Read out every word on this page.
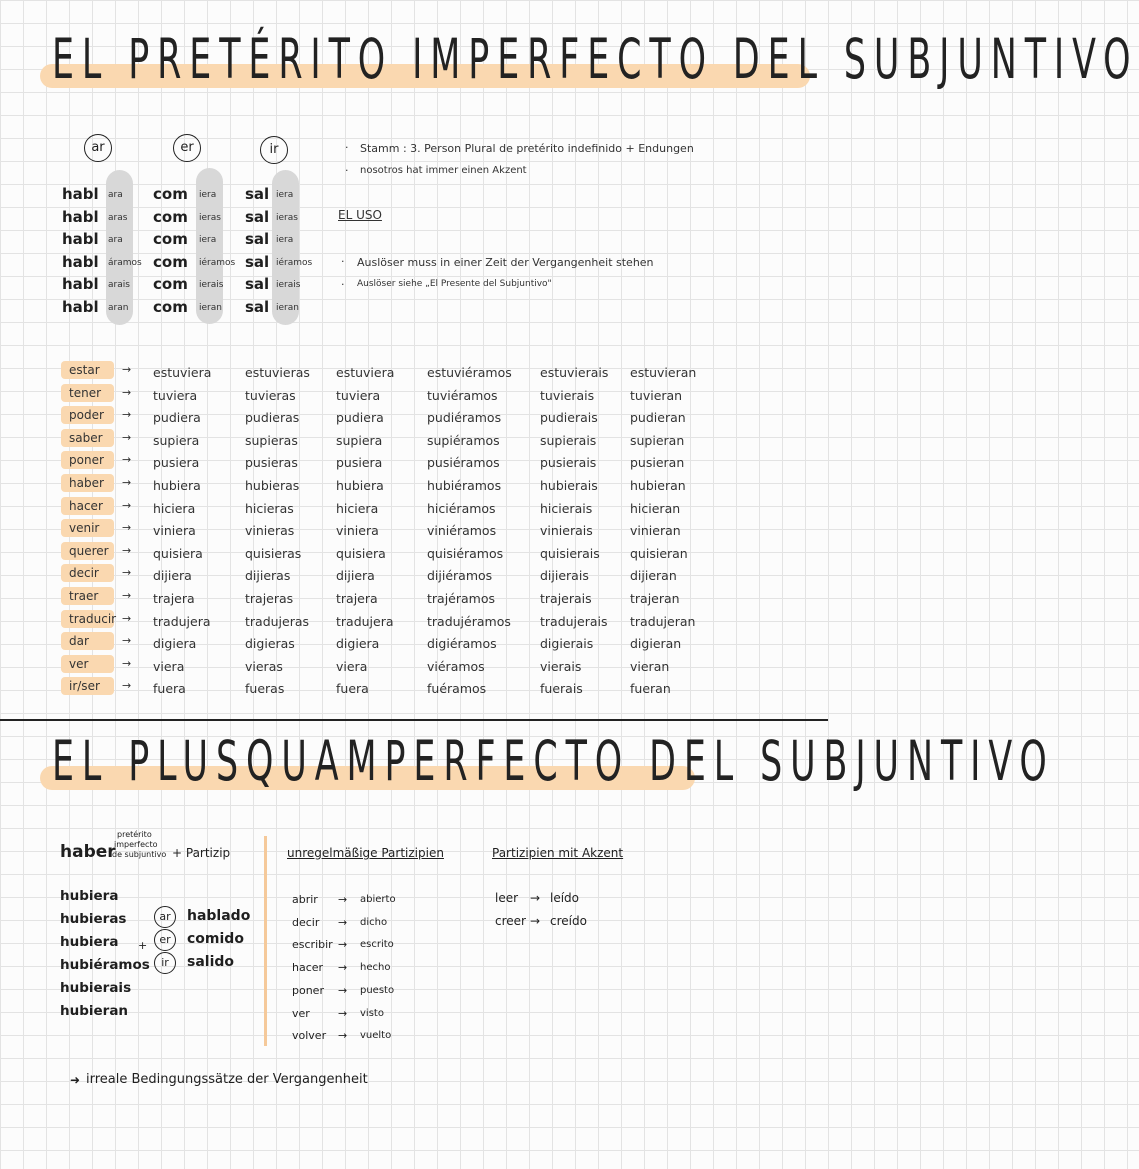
EL PRETÉRITO IMPERFECTO DEL SUBJUNTIVO
ar	er	ir
habl ara com iera sal iera
habl aras com ieras sal ieras
habl ara com iera sal iera
habl áramos com iéramos sal iéramos
habl arais com ierais sal ierais
habl aran com ieran sal ieran
· Stamm : 3. Person Plural de pretérito indefinido + Endungen
· nosotros hat immer einen Akzent
EL USO
· Auslöser muss in einer Zeit der Vergangenheit stehen
· Auslöser siehe „El Presente del Subjuntivo"
estar	→ estuviera	estuvieras estuviera	estuviéramos estuvierais estuvieran
tener	→ tuviera	tuvieras	tuviera	tuviéramos	tuvierais	tuvieran
poder	→ pudiera	pudieras	pudiera	pudiéramos	pudierais	pudieran
saber	→ supiera	supieras	supiera	supiéramos	supierais	supieran
poner	→ pusiera	pusieras	pusiera	pusiéramos	pusierais	pusieran
haber	→ hubiera	hubieras	hubiera	hubiéramos	hubierais	hubieran
hacer	→ hiciera	hicieras	hiciera	hiciéramos	hicierais	hicieran
venir	→ viniera	vinieras	viniera	viniéramos	vinierais	vinieran
querer	→ quisiera	quisieras	quisiera	quisiéramos	quisierais quisieran
decir	→ dijiera	dijieras	dijiera	dijiéramos	dijierais	dijieran
traer	→ trajera	trajeras	trajera	trajéramos	trajerais	trajeran
traducir → tradujera	tradujeras tradujera	tradujéramos tradujerais tradujeran
dar	→ digiera	digieras	digiera	digiéramos	digierais	digieran
ver	→ viera	vieras	viera	viéramos	vierais	vieran
ir/ser	→ fuera	fueras	fuera	fuéramos	fuerais	fueran
EL PLUSQUAMPERFECTO DEL SUBJUNTIVO
haber
pretérito
imperfecto
de subjuntivo + Partizip
hubiera
hubieras
hubiera
hubiéramos
hubierais
hubieran
+
ar	hablado
er	comido
ir	salido
unregelmäßige Partizipien
abrir → abierto
decir → dicho
escribir → escrito
hacer → hecho
poner → puesto
ver	→ visto
volver → vuelto
Partizipien mit Akzent
leer → leído
creer → creído
➜ irreale Bedingungssätze der Vergangenheit
